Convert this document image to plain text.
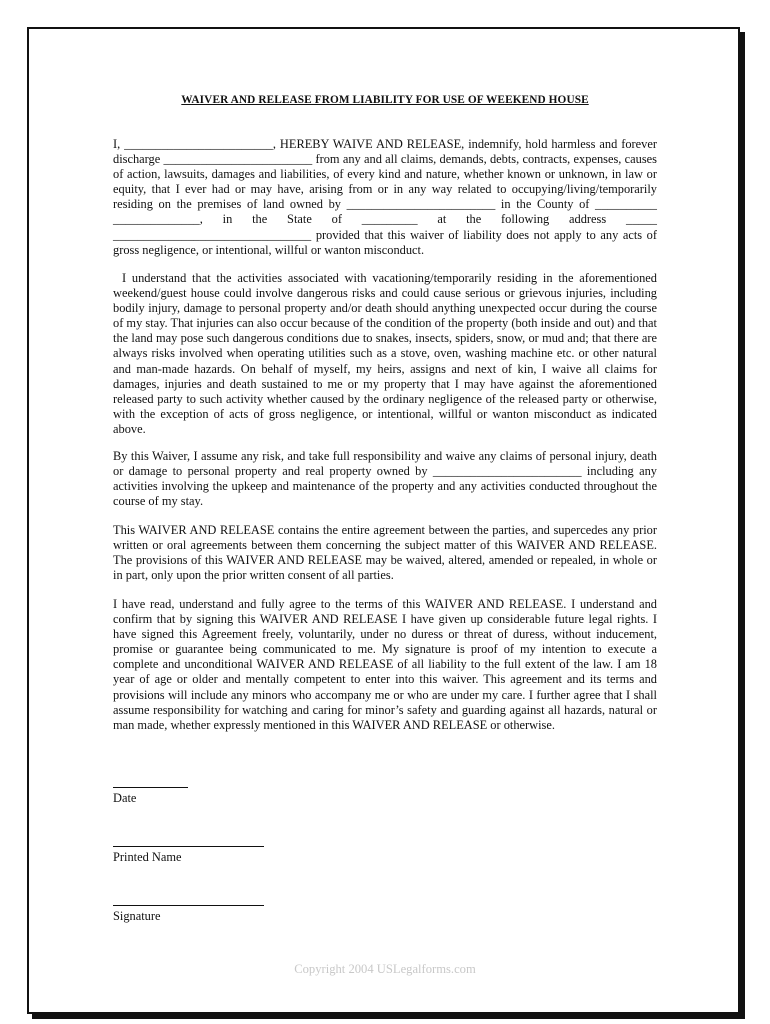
WAIVER AND RELEASE FROM LIABILITY FOR USE OF WEEKEND HOUSE

I, ________________________, HEREBY WAIVE AND RELEASE, indemnify, hold harmless and forever discharge ________________________ from any and all claims, demands, debts, contracts, expenses, causes of action, lawsuits, damages and liabilities, of every kind and nature, whether known or unknown, in law or equity, that I ever had or may have, arising from or in any way related to occupying/living/temporarily residing on the premises of land owned by ________________________ in the County of __________ ______________, in the State of _________ at the following address _____ ________________________________ provided that this waiver of liability does not apply to any acts of gross negligence, or intentional, willful or wanton misconduct.

I understand that the activities associated with vacationing/temporarily residing in the aforementioned weekend/guest house could involve dangerous risks and could cause serious or grievous injuries, including bodily injury, damage to personal property and/or death should anything unexpected occur during the course of my stay. That injuries can also occur because of the condition of the property (both inside and out) and that the land may pose such dangerous conditions due to snakes, insects, spiders, snow, or mud and; that there are always risks involved when operating utilities such as a stove, oven, washing machine etc. or other natural and man-made hazards. On behalf of myself, my heirs, assigns and next of kin, I waive all claims for damages, injuries and death sustained to me or my property that I may have against the aforementioned released party to such activity whether caused by the ordinary negligence of the released party or otherwise, with the exception of acts of gross negligence, or intentional, willful or wanton misconduct as indicated above.

By this Waiver, I assume any risk, and take full responsibility and waive any claims of personal injury, death or damage to personal property and real property owned by ________________________ including any activities involving the upkeep and maintenance of the property and any activities conducted throughout the course of my stay.

This WAIVER AND RELEASE contains the entire agreement between the parties, and supercedes any prior written or oral agreements between them concerning the subject matter of this WAIVER AND RELEASE. The provisions of this WAIVER AND RELEASE may be waived, altered, amended or repealed, in whole or in part, only upon the prior written consent of all parties.

I have read, understand and fully agree to the terms of this WAIVER AND RELEASE. I understand and confirm that by signing this WAIVER AND RELEASE I have given up considerable future legal rights. I have signed this Agreement freely, voluntarily, under no duress or threat of duress, without inducement, promise or guarantee being communicated to me. My signature is proof of my intention to execute a complete and unconditional WAIVER AND RELEASE of all liability to the full extent of the law. I am 18 year of age or older and mentally competent to enter into this waiver. This agreement and its terms and provisions will include any minors who accompany me or who are under my care. I further agree that I shall assume responsibility for watching and caring for minor’s safety and guarding against all hazards, natural or man made, whether expressly mentioned in this WAIVER AND RELEASE or otherwise.

Date
Printed Name
Signature
Copyright 2004 USLegalforms.com
